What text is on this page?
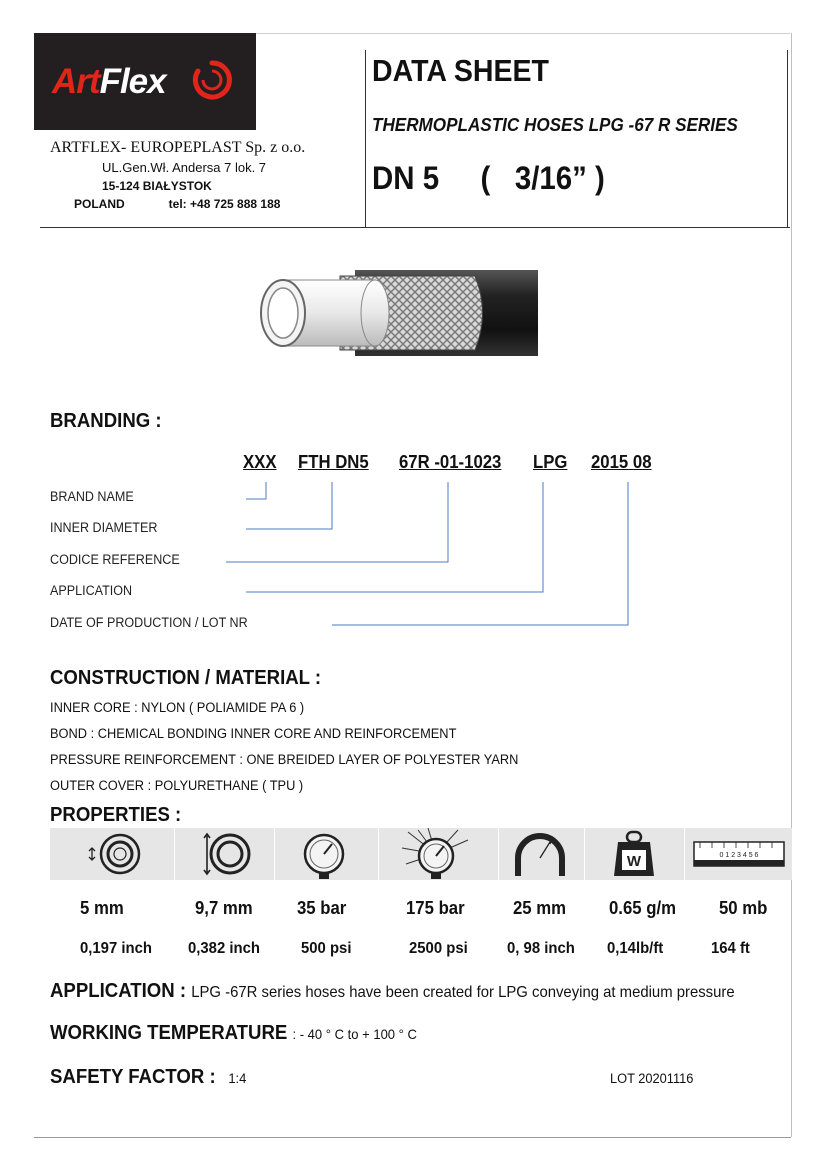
ArtFlex
ARTFLEX- EUROPEPLAST Sp. z o.o.
UL.Gen.Wł. Andersa 7 lok. 7
15-124 BIAŁYSTOK
POLAND	tel: +48 725 888 188
DATA SHEET
THERMOPLASTIC HOSES LPG -67 R SERIES
DN 5 (   3/16” )
BRANDING :
XXX FTH DN5 67R -01-1023 LPG 2015 08
BRAND NAME
INNER DIAMETER
CODICE REFERENCE
APPLICATION
DATE OF PRODUCTION / LOT NR
CONSTRUCTION / MATERIAL :
INNER CORE : NYLON ( POLIAMIDE PA 6 )
BOND : CHEMICAL BONDING INNER CORE AND REINFORCEMENT
PRESSURE REINFORCEMENT : ONE BREIDED LAYER OF POLYESTER YARN
OUTER COVER : POLYURETHANE ( TPU )
PROPERTIES :
W	0 1 2 3 4 5 6
5 mm	9,7 mm 35 bar	175 bar	25 mm 0.65 g/m 50 mb
0,197 inch 0,382 inch	500 psi	2500 psi 0, 98 inch 0,14lb/ft	164 ft
APPLICATION : LPG -67R series hoses have been created for LPG conveying at medium pressure
WORKING TEMPERATURE : - 40 ° C to + 100 ° C
SAFETY FACTOR : 1:4	LOT 20201116
